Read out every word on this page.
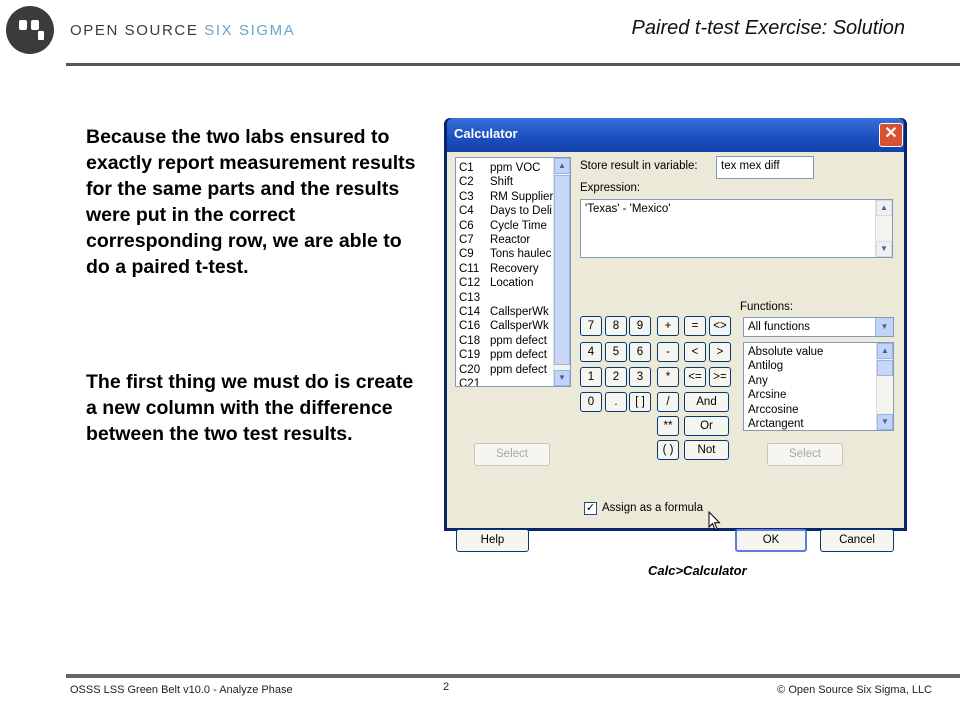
OPEN SOURCE SIX SIGMA	Paired t-test Exercise: Solution
Because the two labs ensured to exactly report measurement results for the same parts and the results were put in the correct corresponding row, we are able to do a paired t-test.
The first thing we must do is create a new column with the difference between the two test results.
Calculator	✕
C1 ppm VOC
C2 Shift
C3 RM Supplier
C4 Days to Deli
C6 Cycle Time
C7 Reactor
C9 Tons haulec
C11 Recovery
C12 Location
C13
C14 CallsperWk
C16 CallsperWk
C18 ppm defect
C19 ppm defect
C20 ppm defect
C21
▲
▼
Store result in variable:	tex mex diff
Expression:
'Texas' - 'Mexico'	▲
▼
7	8	9	+	=	<>
4	5	6	-	<	>
1	2	3	*	<=	>=
0	.	[ ]	/	And
**	Or
( )	Not
Functions:
All functions	▼
Absolute value
Antilog
Any
Arcsine
Arccosine
Arctangent
▲
▼
Select	Select
✓ Assign as a formula
Help	OK	Cancel
Calc>Calculator
OSSS LSS Green Belt v10.0 - Analyze Phase	2	© Open Source Six Sigma, LLC
